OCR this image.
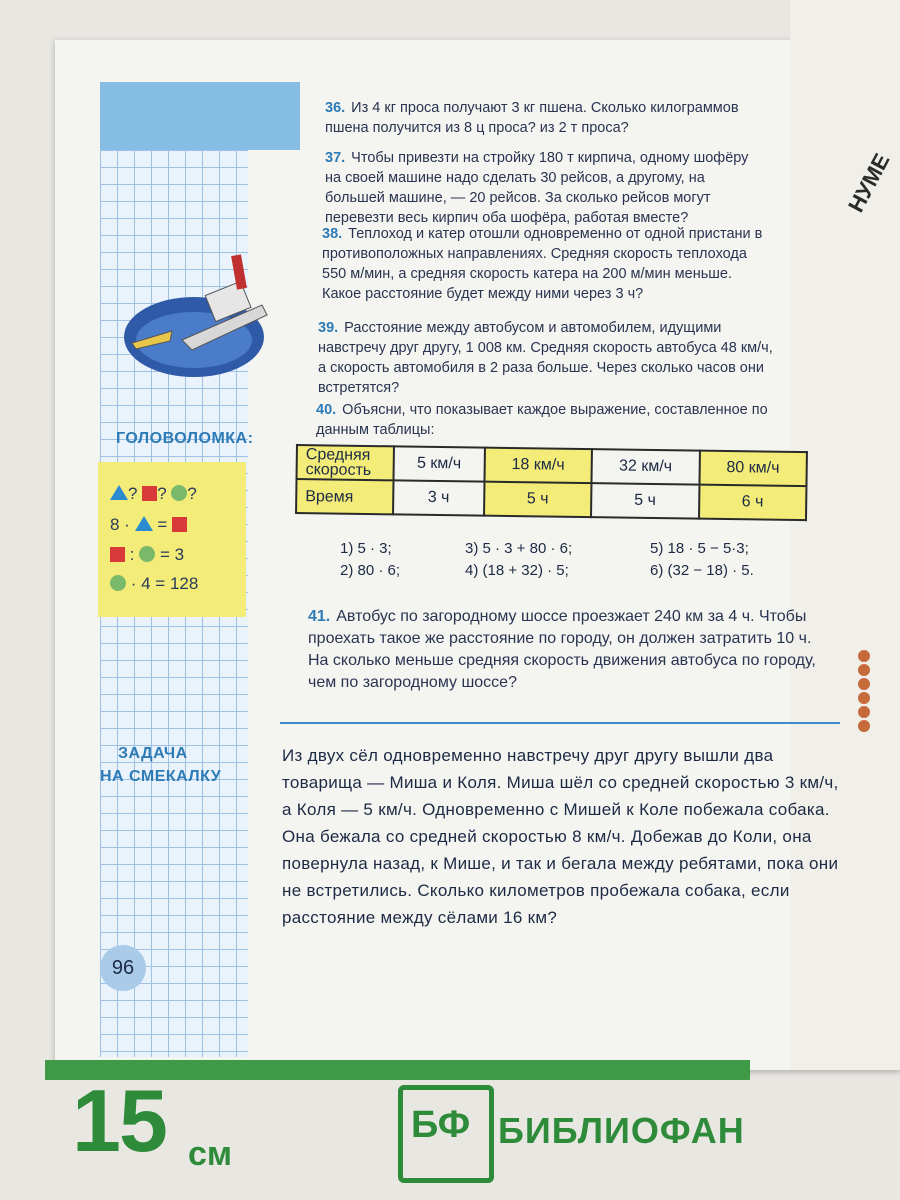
НУМЕ
ГОЛОВОЛОМКА:
? ? ?
8 · =
: = 3
· 4 = 128
ЗАДАЧА
НА СМЕКАЛКУ
96
36. Из 4 кг проса получают 3 кг пшена. Сколько килограммов пшена получится из 8 ц проса? из 2 т проса?
37. Чтобы привезти на стройку 180 т кирпича, одному шофёру на своей машине надо сделать 30 рейсов, а другому, на большей машине, — 20 рейсов. За сколько рейсов могут перевезти весь кирпич оба шофёра, работая вместе?
38. Теплоход и катер отошли одновременно от одной пристани в противоположных направлениях. Средняя скорость теплохода 550 м/мин, а средняя скорость катера на 200 м/мин меньше. Какое расстояние будет между ними через 3 ч?
39. Расстояние между автобусом и автомобилем, идущими навстречу друг другу, 1 008 км. Средняя скорость автобуса 48 км/ч, а скорость автомобиля в 2 раза больше. Через сколько часов они встретятся?
40. Объясни, что показывает каждое выражение, составленное по данным таблицы:
Средняя скорость	5 км/ч	18 км/ч	32 км/ч	80 км/ч
Время	3 ч	5 ч	5 ч	6 ч
1) 5 · 3;
2) 80 · 6;
3) 5 · 3 + 80 · 6;
4) (18 + 32) · 5;
5) 18 · 5 − 5·3;
6) (32 − 18) · 5.
41. Автобус по загородному шоссе проезжает 240 км за 4 ч. Чтобы проехать такое же расстояние по городу, он должен затратить 10 ч. На сколько меньше средняя скорость движения автобуса по городу, чем по загородному шоссе?
Из двух сёл одновременно навстречу друг другу вышли два товарища — Миша и Коля. Миша шёл со средней скоростью 3 км/ч, а Коля — 5 км/ч. Одновременно с Мишей к Коле побежала собака. Она бежала со средней скоростью 8 км/ч. Добежав до Коли, она повернула назад, к Мише, и так и бегала между ребятами, пока они не встретились. Сколько километров пробежала собака, если расстояние между сёлами 16 км?
15 см
БФ БИБЛИОФАН
